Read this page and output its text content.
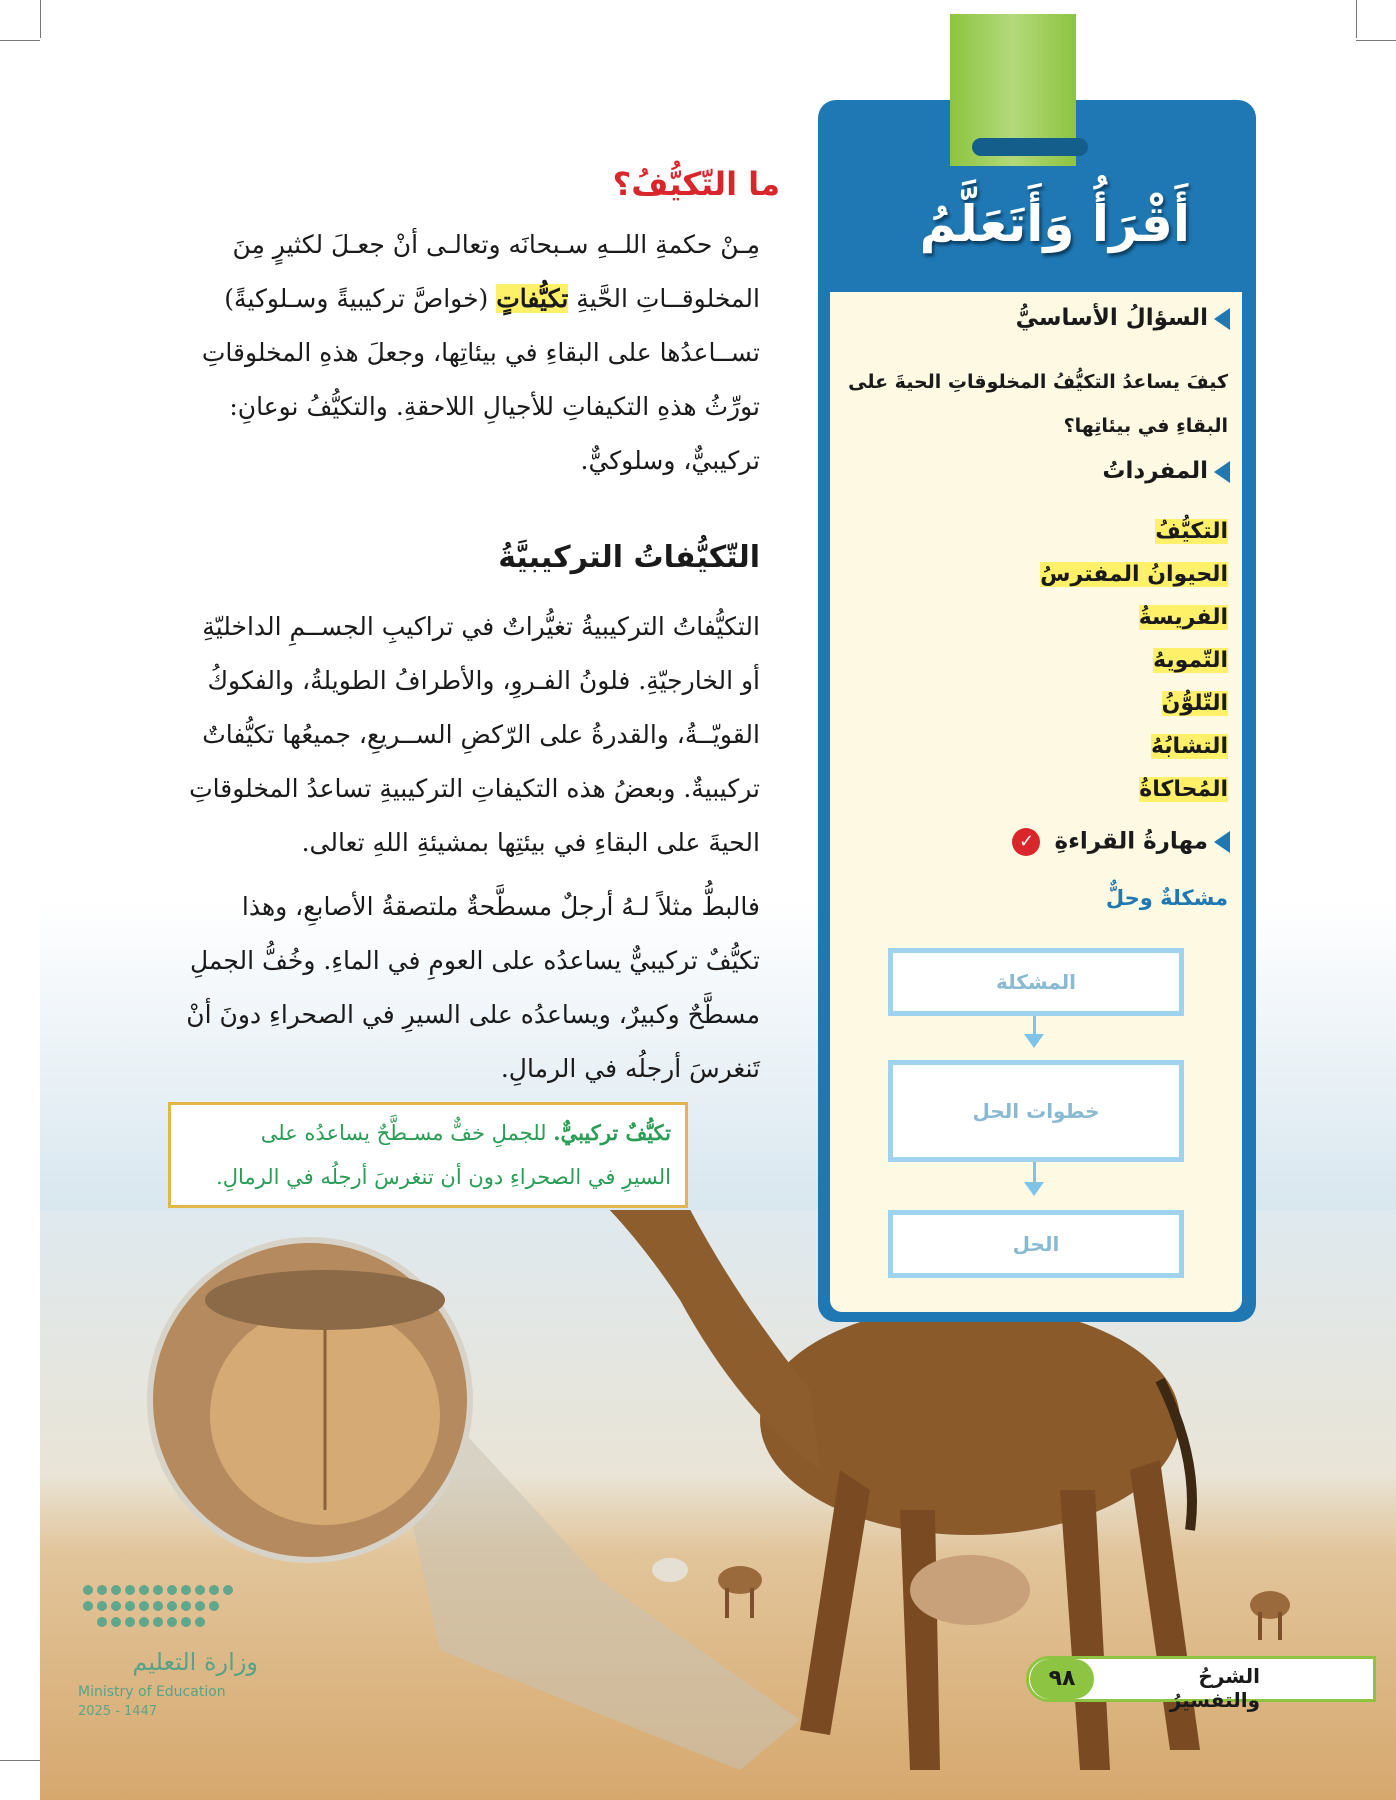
ما التّكيُّفُ؟
مِـنْ حكمةِ اللــهِ سـبحانَه وتعالـى أنْ جعـلَ لكثيرٍ مِنَ
المخلوقــاتِ الحَّيةِ تكيُّفاتٍ (خواصَّ تركيبيةً وسـلوكيةً)
تســاعدُها على البقاءِ في بيئاتِها، وجعلَ هذهِ المخلوقاتِ
تورِّثُ هذهِ التكيفاتِ للأجيالِ اللاحقةِ. والتكيُّفُ نوعانِ:
تركيبيٌّ، وسلوكيٌّ.
التّكيُّفاتُ التركيبيَّةُ
التكيُّفاتُ التركيبيةُ تغيُّراتٌ في تراكيبِ الجســمِ الداخليّةِ
أو الخارجيّةِ. فلونُ الفـروِ، والأطرافُ الطويلةُ، والفكوكُ
القويّــةُ، والقدرةُ على الرّكضِ الســريعِ، جميعُها تكيُّفاتٌ
تركيبيةٌ. وبعضُ هذه التكيفاتِ التركيبيةِ تساعدُ المخلوقاتِ
الحيةَ على البقاءِ في بيئتِها بمشيئةِ اللهِ تعالى.
فالبطُّ مثلاً لـهُ أرجلٌ مسطَّحةٌ ملتصقةُ الأصابعِ، وهذا
تكيُّفٌ تركيبيٌّ يساعدُه على العومِ في الماءِ. وخُفُّ الجملِ
مسطَّحٌ وكبيرٌ، ويساعدُه على السيرِ في الصحراءِ دونَ أنْ
تَنغرسَ أرجلُه في الرمالِ.
تكيُّفٌ تركيبيٌّ. للجملِ خفٌّ مسـطَّحٌ يساعدُه على
السيرِ في الصحراءِ دون أن تنغرسَ أرجلُه في الرمالِ.
أَقْرَأُ وَأَتَعَلَّمُ
السؤالُ الأساسيُّ
كيفَ يساعدُ التكيُّفُ المخلوقاتِ الحيةَ على
البقاءِ في بيئاتِها؟
المفرداتُ
التكيُّفُ
الحيوانُ المفترسُ
الفريسةُ
التّمويهُ
التّلوُّنُ
التشابُهُ
المُحاكاةُ
مهارةُ القراءةِ ✓
مشكلةٌ وحلٌّ
المشكلة
خطوات الحل
الحل
الشرحُ والتفسيرُ
٩٨
وزارة التعليم
Ministry of Education
2025 - 1447
